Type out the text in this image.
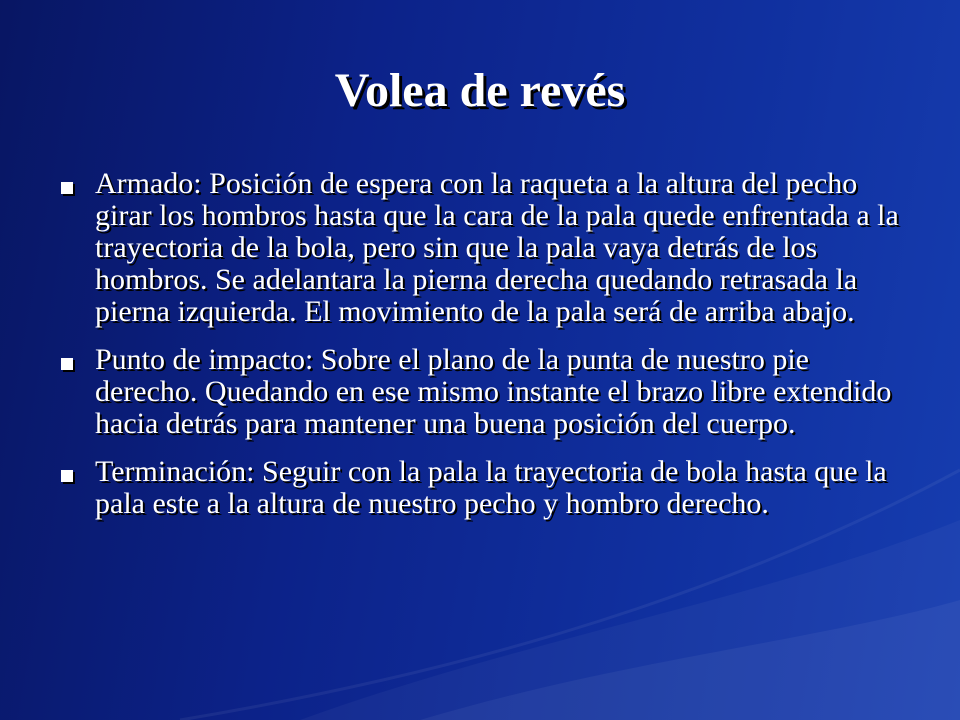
Volea de revés
Armado: Posición de espera con la raqueta a la altura del pecho girar los hombros hasta que la cara de la pala quede enfrentada a la trayectoria de la bola, pero sin que la pala vaya detrás de los hombros. Se adelantara la pierna derecha quedando retrasada la pierna izquierda. El movimiento de la pala será de arriba abajo.
Punto de impacto: Sobre el plano de la punta de nuestro pie derecho. Quedando en ese mismo instante el brazo libre extendido hacia detrás para mantener una buena posición del cuerpo.
Terminación: Seguir con la pala la trayectoria de bola hasta que la pala este a la altura de nuestro pecho y hombro derecho.
